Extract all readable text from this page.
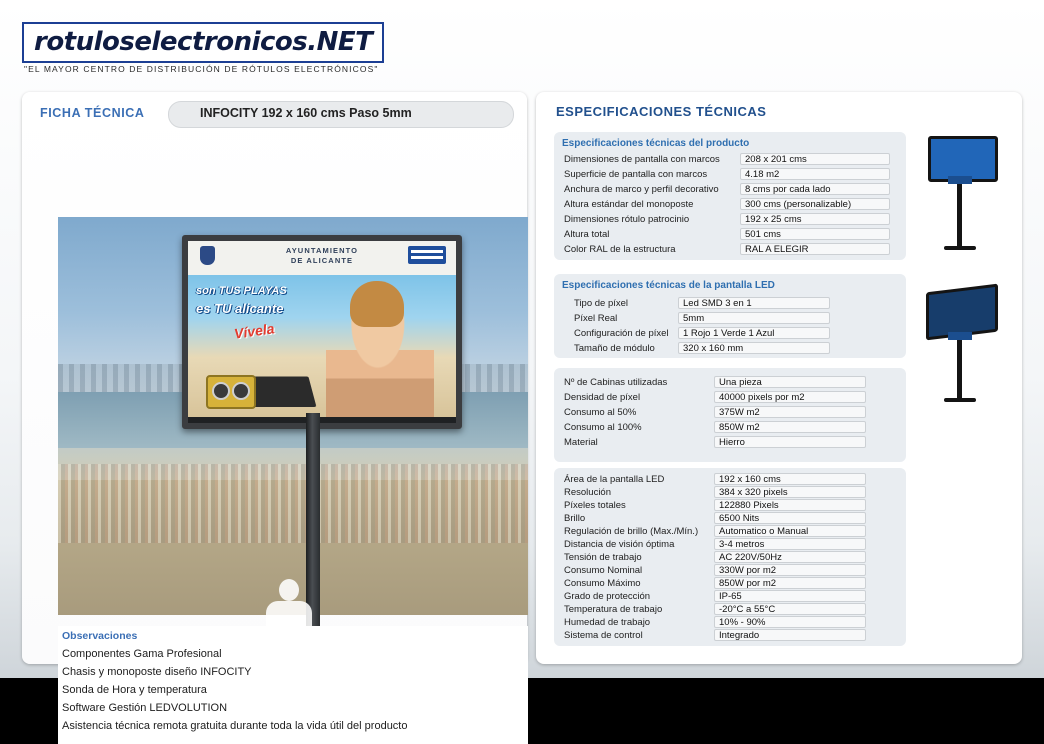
rotuloselectronicos.NET
"EL MAYOR CENTRO DE DISTRIBUCIÓN DE RÓTULOS ELECTRÓNICOS"
FICHA TÉCNICA	INFOCITY 192 x 160 cms Paso 5mm
AYUNTAMIENTO
DE ALICANTE
son TUS PLAYAS
es TU alicante
Vívela
Observaciones
Componentes Gama Profesional
Chasis y monoposte diseño INFOCITY
Sonda de Hora y temperatura
Software Gestión LEDVOLUTION
Asistencia técnica remota gratuita durante toda la vida útil del producto
ESPECIFICACIONES TÉCNICAS
Especificaciones técnicas del producto
Dimensiones de pantalla con marcos	208 x 201 cms
Superficie de pantalla con marcos	4.18 m2
Anchura de marco y perfil decorativo	8 cms por cada lado
Altura estándar del monoposte	300 cms (personalizable)
Dimensiones rótulo patrocinio	192 x 25 cms
Altura total	501 cms
Color RAL de la estructura	RAL A ELEGIR
Especificaciones técnicas de la pantalla LED
Tipo de píxel	Led SMD 3 en 1
Píxel Real	5mm
Configuración de píxel	1 Rojo 1 Verde 1 Azul
Tamaño de módulo	320 x 160 mm
Nº de Cabinas utilizadas	Una pieza
Densidad de píxel	40000 pixels por m2
Consumo al 50%	375W m2
Consumo al 100%	850W m2
Material	Hierro
Área de la pantalla LED	192 x 160 cms
Resolución	384 x 320 pixels
Píxeles totales	122880 Pixels
Brillo	6500 Nits
Regulación de brillo (Max./Mín.)	Automatico o Manual
Distancia de visión óptima	3-4 metros
Tensión de trabajo	AC 220V/50Hz
Consumo Nominal	330W por m2
Consumo Máximo	850W por m2
Grado de protección	IP-65
Temperatura de trabajo	-20°C a 55°C
Humedad de trabajo	10% - 90%
Sistema de control	Integrado
